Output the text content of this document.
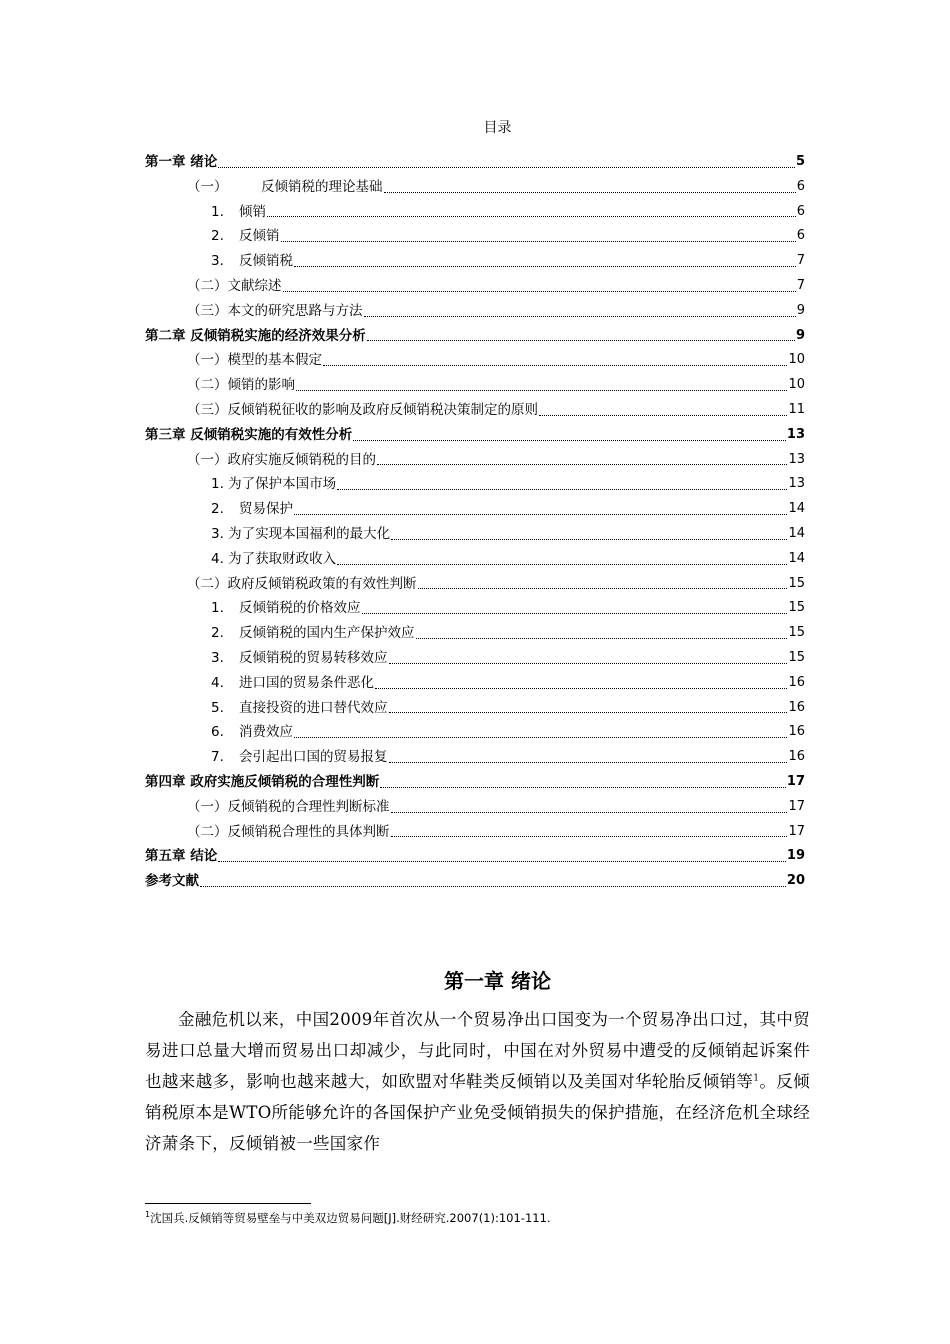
目录
第一章 绪论	5
（一） 反倾销税的理论基础	6
1. 倾销	6
2. 反倾销	6
3. 反倾销税	7
（二）文献综述	7
（三）本文的研究思路与方法	9
第二章 反倾销税实施的经济效果分析	9
（一）模型的基本假定	10
（二）倾销的影响	10
（三）反倾销税征收的影响及政府反倾销税决策制定的原则	11
第三章 反倾销税实施的有效性分析	13
（一）政府实施反倾销税的目的	13
1. 为了保护本国市场	13
2. 贸易保护	14
3. 为了实现本国福利的最大化	14
4. 为了获取财政收入	14
（二）政府反倾销税政策的有效性判断	15
1. 反倾销税的价格效应	15
2. 反倾销税的国内生产保护效应	15
3. 反倾销税的贸易转移效应	15
4. 进口国的贸易条件恶化	16
5. 直接投资的进口替代效应	16
6. 消费效应	16
7. 会引起出口国的贸易报复	16
第四章 政府实施反倾销税的合理性判断	17
（一）反倾销税的合理性判断标准	17
（二）反倾销税合理性的具体判断	17
第五章 结论	19
参考文献	20
第一章 绪论

金融危机以来，中国2009年首次从一个贸易净出口国变为一个贸易净出口过，其中贸易进口总量大增而贸易出口却减少，与此同时，中国在对外贸易中遭受的反倾销起诉案件也越来越多，影响也越来越大，如欧盟对华鞋类反倾销以及美国对华轮胎反倾销等$^1$。反倾销税原本是WTO所能够允许的各国保护产业免受倾销损失的保护措施，在经济危机全球经济萧条下，反倾销被一些国家作

$^1$沈国兵.反倾销等贸易壁垒与中美双边贸易问题[J].财经研究.2007(1):101-111.
